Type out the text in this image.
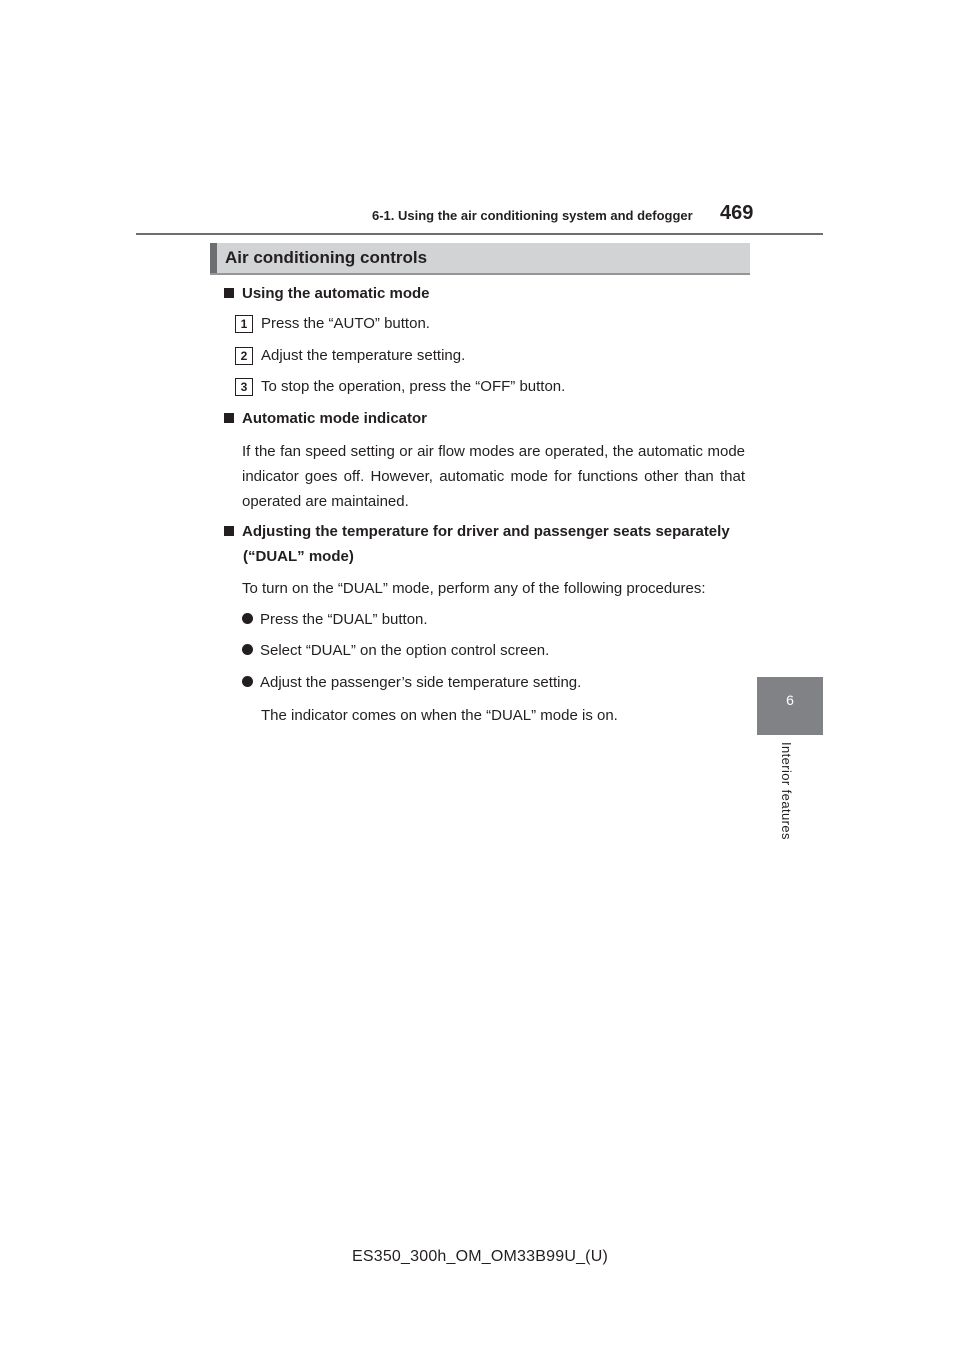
6-1. Using the air conditioning system and defogger 469
6
Interior features
Air conditioning controls
Using the automatic mode
1 Press the “AUTO” button.
2 Adjust the temperature setting.
3 To stop the operation, press the “OFF” button.
Automatic mode indicator
If the fan speed setting or air flow modes are operated, the automatic mode indicator goes off. However, automatic mode for functions other than that operated are maintained.
Adjusting the temperature for driver and passenger seats separately
(“DUAL” mode)
To turn on the “DUAL” mode, perform any of the following procedures:
Press the “DUAL” button.
Select “DUAL” on the option control screen.
Adjust the passenger’s side temperature setting.
The indicator comes on when the “DUAL” mode is on.
ES350_300h_OM_OM33B99U_(U)
